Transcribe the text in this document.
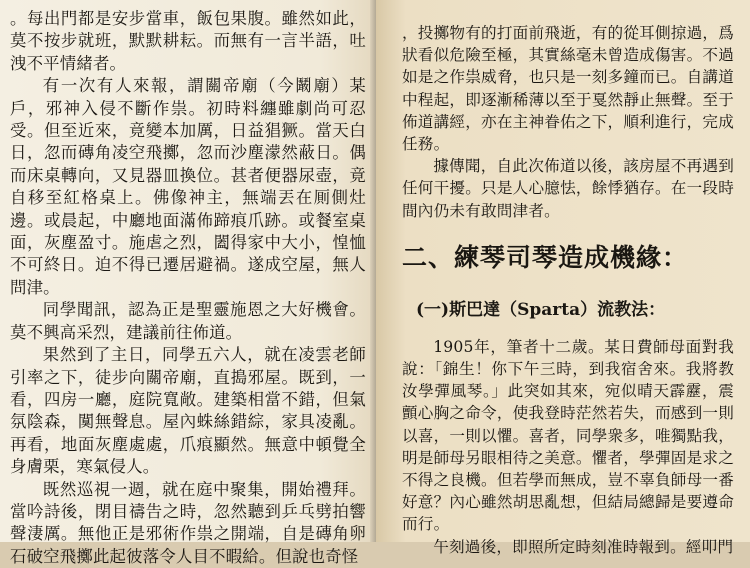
。每出門都是安步當車，飯包果腹。雖然如此，莫不按步就班，默默耕耘。而無有一言半語，吐洩不平情緒者。

有一次有人來報，謂關帝廟（今鬫廟）某戶，邪神入侵不斷作祟。初時料纏雖劇尚可忍受。但至近來，竟變本加厲，日益猖獗。當天白日，忽而磚角凌空飛擲，忽而沙塵濛然蔽日。偶而床桌轉向，又見器皿換位。甚者便器尿壺，竟自移至紅格桌上。佛像神主，無端丟在厠側灶邊。或晨起，中廳地面滿佈蹄痕爪跡。或餐室桌面，灰塵盈寸。施虐之烈，闔得家中大小，惶恤不可終日。迫不得已遷居避禍。遂成空屋，無人問津。

同學聞訊，認為正是聖靈施恩之大好機會。莫不興高采烈，建議前往佈道。

果然到了主日，同學五六人，就在凌雲老師引率之下，徒步向關帝廟，直搗邪屋。既到，一看，四房一廳，庭院寬敞。建築相當不錯，但氣氛陰森，闃無聲息。屋內蛛絲錯綜，家具凌亂。再看，地面灰塵處處，爪痕顯然。無意中頓覺全身膚栗，寒氣侵人。

既然巡視一週，就在庭中聚集，開始禮拜。當吟詩後，閉目禱告之時，忽然聽到乒乓劈拍響聲淒厲。無他正是邪術作祟之開端，自是磚角卵石破空飛擲此起彼落令人目不暇給。但說也奇怪

，投擲物有的打面前飛逝，有的從耳側掠過，爲狀看似危險至極，其實絲毫未曾造成傷害。不過如是之作祟威脅，也只是一刻多鐘而已。自講道中程起，即逐漸稀薄以至于戛然靜止無聲。至于佈道講經，亦在主神眷佑之下，順利進行，完成任務。

據傳聞，自此次佈道以後，該房屋不再遇到任何干擾。只是人心臆怯，餘悸猶存。在一段時間內仍未有敢問津者。

二、練琴司琴造成機緣：
(一)斯巴達（Sparta）流教法：

1905年，筆者十二歲。某日費師母面對我說：「錦生！你下午三時，到我宿舍來。我將教汝學彈風琴。」此突如其來，宛似晴天霹靂，震顫心胸之命令，使我登時茫然若失，而感到一則以喜，一則以懼。喜者，同學衆多，唯獨點我，明是師母另眼相待之美意。懼者，學彈固是求之不得之良機。但若學而無成，豈不辜負師母一番好意？內心雖然胡思亂想，但結局總歸是要遵命而行。

午刻過後，即照所定時刻准時報到。經叩門
